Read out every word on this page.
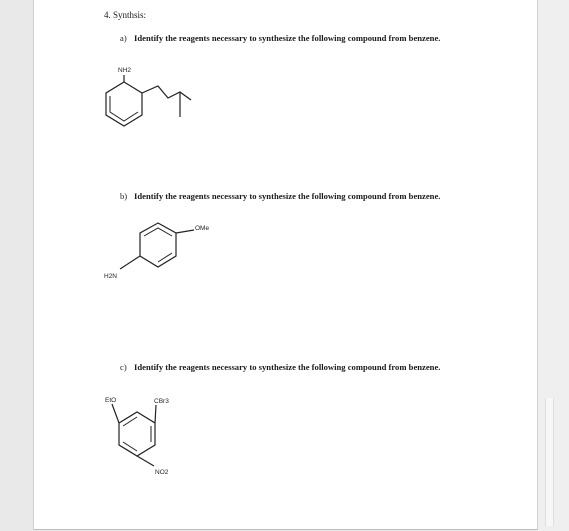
4. Synthsis:
a) Identify the reagents necessary to synthesize the following compound from benzene.
NH2
b) Identify the reagents necessary to synthesize the following compound from benzene.
OMe
H2N
c) Identify the reagents necessary to synthesize the following compound from benzene.
EtO	CBr3
NO2
